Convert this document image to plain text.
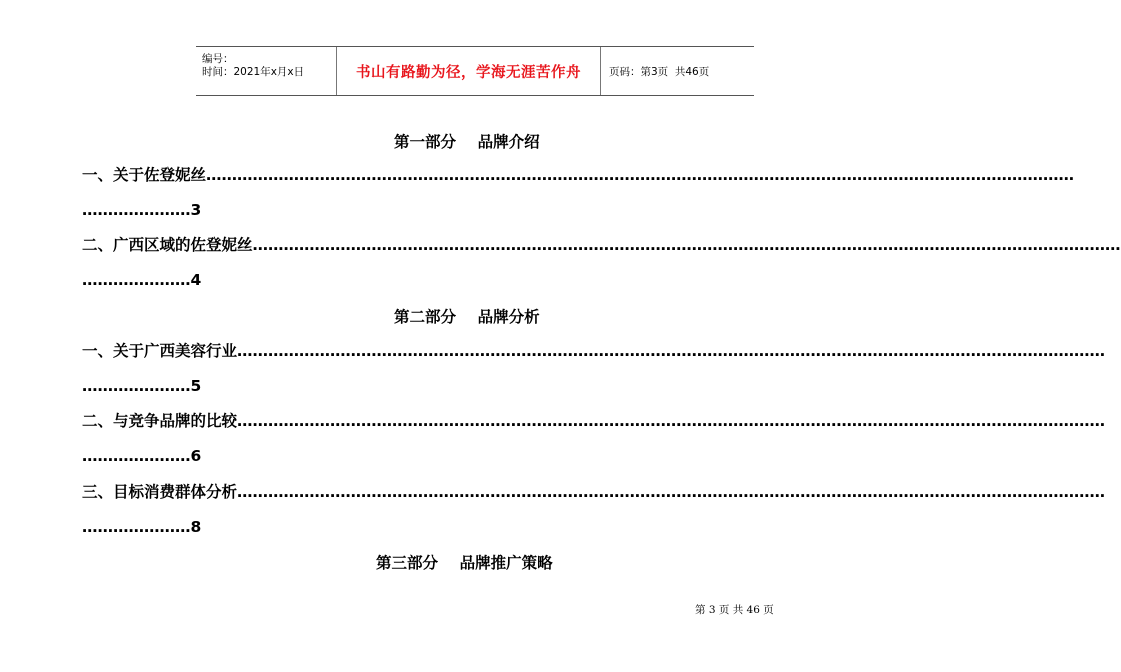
编号：
时间：2021年x月x日	书山有路勤为径，学海无涯苦作舟	页码：第3页  共46页
第一部分    品牌介绍
一、关于佐登妮丝……………………………………………………………………………………………………………………………………………………
…………………3
二、广西区域的佐登妮丝……………………………………………………………………………………………………………………………………………………
…………………4
第二部分    品牌分析
一、关于广西美容行业……………………………………………………………………………………………………………………………………………………
…………………5
二、与竞争品牌的比较……………………………………………………………………………………………………………………………………………………
…………………6
三、目标消费群体分析……………………………………………………………………………………………………………………………………………………
…………………8
第三部分    品牌推广策略
第 3 页 共 46 页
